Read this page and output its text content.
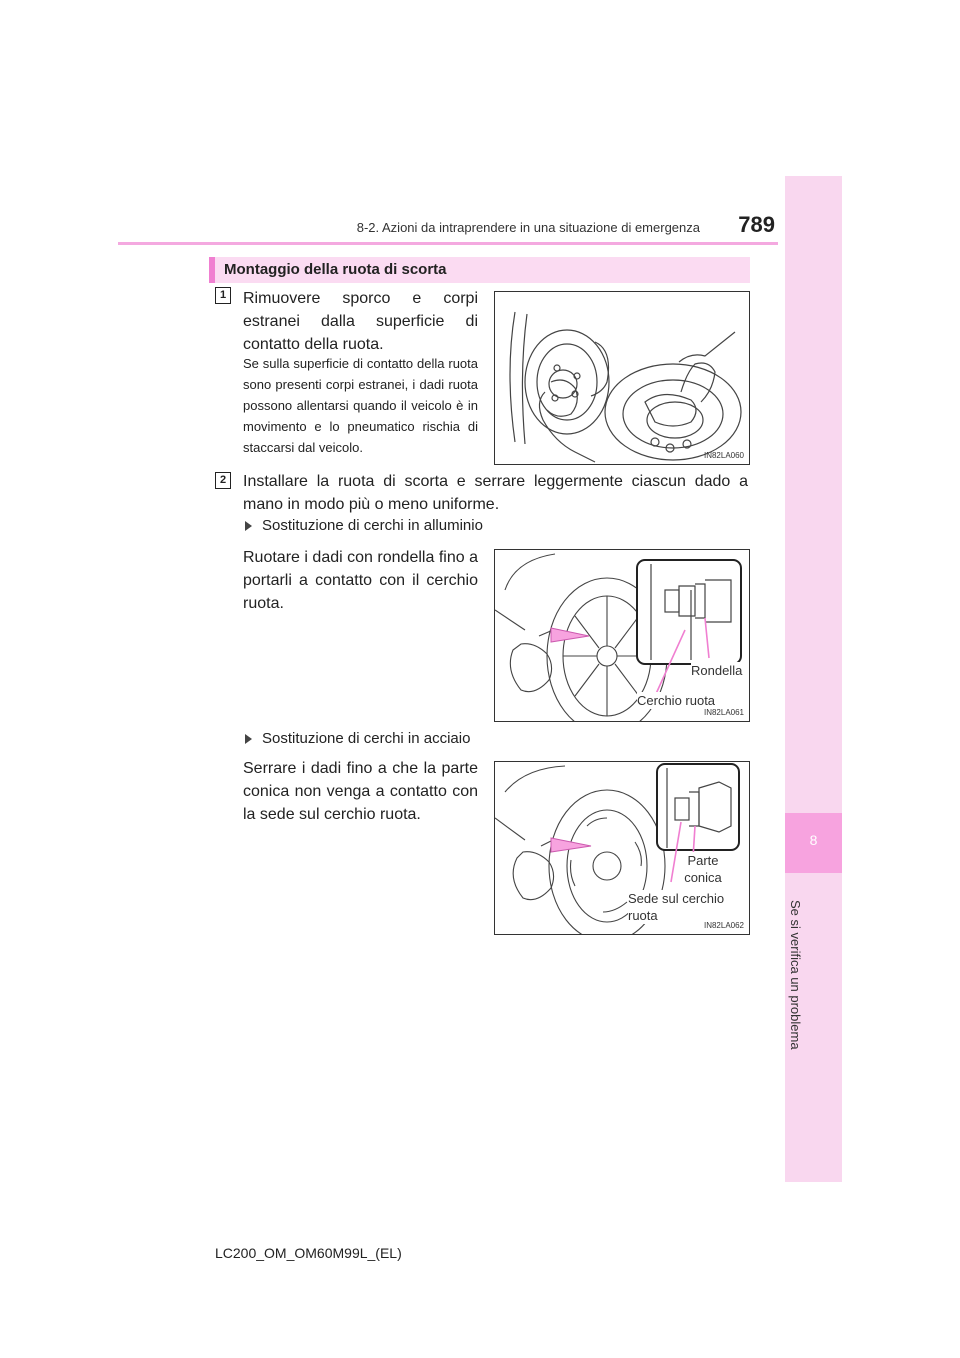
8-2. Azioni da intraprendere in una situazione di emergenza	789
8
Se si verifica un problema
Montaggio della ruota di scorta
1	Rimuovere sporco e corpi estranei dalla superficie di contatto della ruota.
Se sulla superficie di contatto della ruota sono presenti corpi estranei, i dadi ruota possono allentarsi quando il veicolo è in movimento e lo pneumatico rischia di staccarsi dal veicolo.
IN82LA060
2	Installare la ruota di scorta e serrare leggermente ciascun dado a mano in modo più o meno uniforme.
Sostituzione di cerchi in alluminio
Ruotare i dadi con rondella fino a portarli a contatto con il cerchio ruota.
Rondella
Cerchio ruota
IN82LA061
Sostituzione di cerchi in acciaio
Serrare i dadi fino a che la parte conica non venga a contatto con la sede sul cerchio ruota.
Parte conica
Sede sul cerchio ruota
IN82LA062
LC200_OM_OM60M99L_(EL)
